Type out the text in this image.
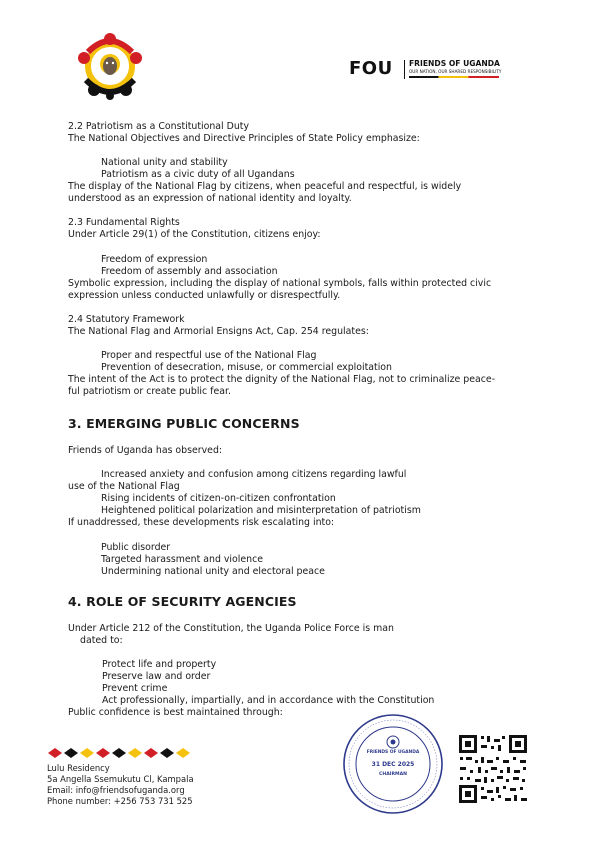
FOU FRIENDS OF UGANDA
OUR NATION, OUR SHARED RESPONSIBILITY
2.2 Patriotism as a Constitutional Duty
The National Objectives and Directive Principles of State Policy emphasize:
National unity and stability
Patriotism as a civic duty of all Ugandans
The display of the National Flag by citizens, when peaceful and respectful, is widely
understood as an expression of national identity and loyalty.
2.3 Fundamental Rights
Under Article 29(1) of the Constitution, citizens enjoy:
Freedom of expression
Freedom of assembly and association
Symbolic expression, including the display of national symbols, falls within protected civic
expression unless conducted unlawfully or disrespectfully.
2.4 Statutory Framework
The National Flag and Armorial Ensigns Act, Cap. 254 regulates:
Proper and respectful use of the National Flag
Prevention of desecration, misuse, or commercial exploitation
The intent of the Act is to protect the dignity of the National Flag, not to criminalize peace-
ful patriotism or create public fear.
3. EMERGING PUBLIC CONCERNS
Friends of Uganda has observed:
Increased anxiety and confusion among citizens regarding lawful
use of the National Flag
Rising incidents of citizen-on-citizen confrontation
Heightened political polarization and misinterpretation of patriotism
If unaddressed, these developments risk escalating into:
Public disorder
Targeted harassment and violence
Undermining national unity and electoral peace
4. ROLE OF SECURITY AGENCIES
Under Article 212 of the Constitution, the Uganda Police Force is man
dated to:
Protect life and property
Preserve law and order
Prevent crime
Act professionally, impartially, and in accordance with the Constitution
Public confidence is best maintained through:
Lulu Residency
5a Angella Ssemukutu Cl, Kampala
Email: info@friendsofuganda.org
Phone number: +256 753 731 525
FRIENDS OF UGANDA
31 DEC 2025
CHAIRMAN
